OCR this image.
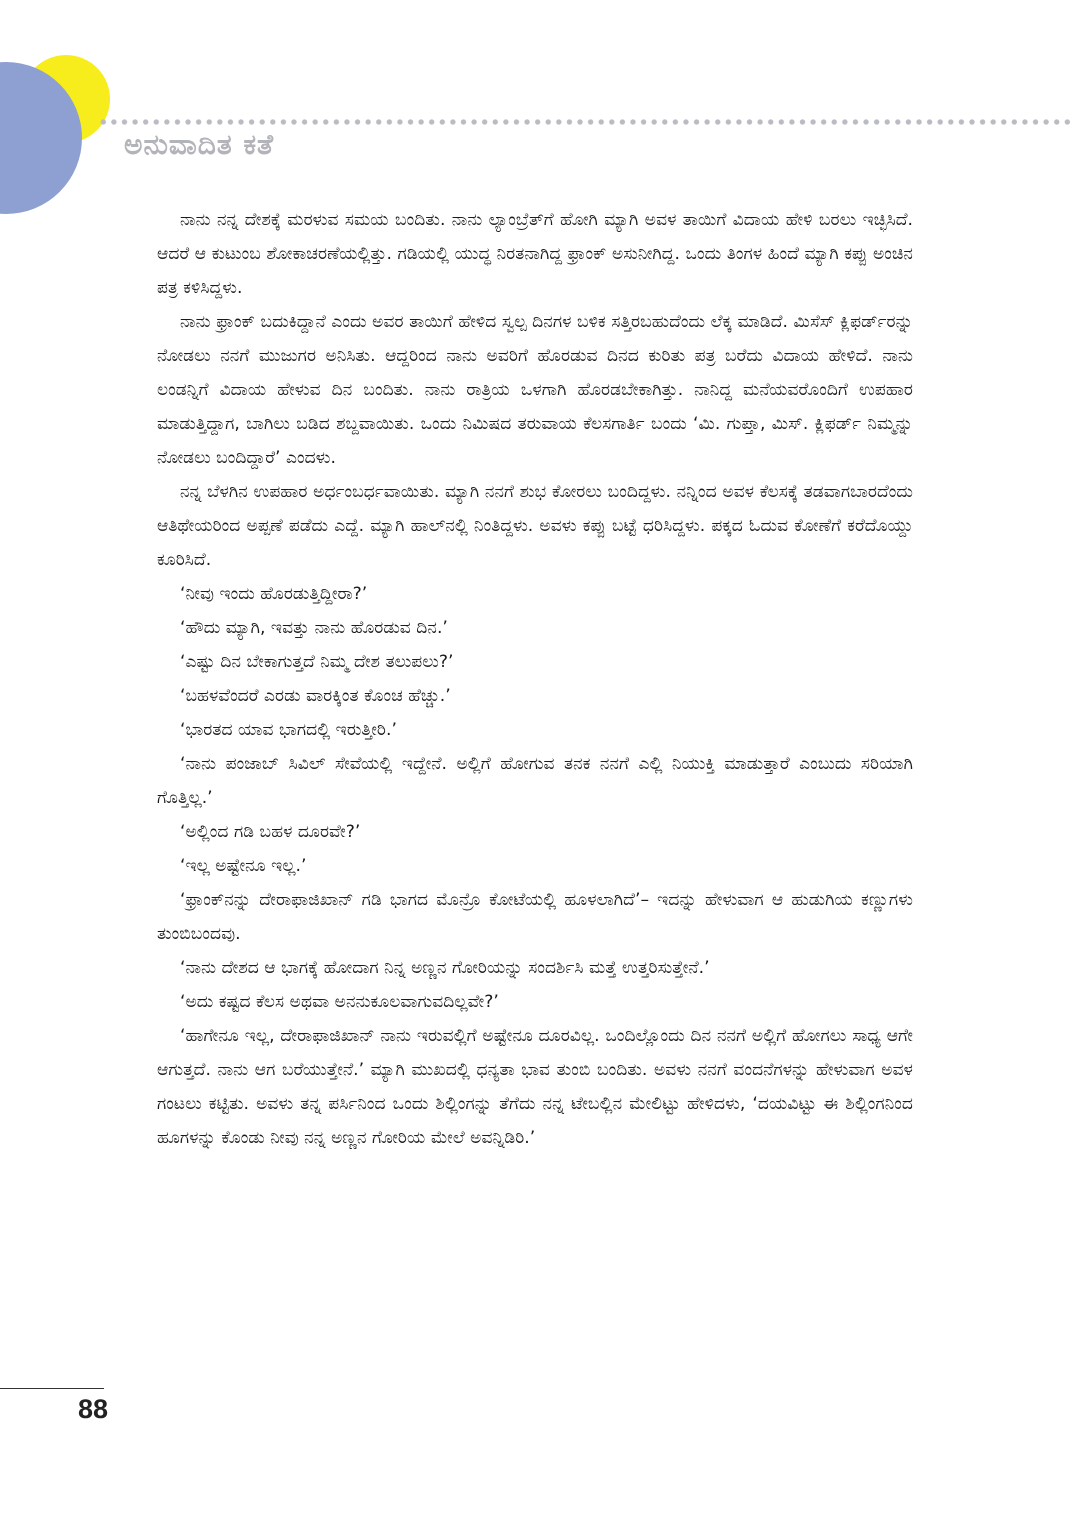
ಅನುವಾದಿತ ಕತೆ

ನಾನು ನನ್ನ ದೇಶಕ್ಕೆ ಮರಳುವ ಸಮಯ ಬಂದಿತು. ನಾನು ಲ್ಯಾಂಬ್ರೆತ್‌ಗೆ ಹೋಗಿ ಮ್ಯಾಗಿ ಅವಳ ತಾಯಿಗೆ ವಿದಾಯ ಹೇಳಿ ಬರಲು ಇಚ್ಛಿಸಿದೆ. ಆದರೆ ಆ ಕುಟುಂಬ ಶೋಕಾಚರಣೆಯಲ್ಲಿತ್ತು. ಗಡಿಯಲ್ಲಿ ಯುದ್ಧ ನಿರತನಾಗಿದ್ದ ಫ್ರಾಂಕ್ ಅಸುನೀಗಿದ್ದ. ಒಂದು ತಿಂಗಳ ಹಿಂದೆ ಮ್ಯಾಗಿ ಕಪ್ಪು ಅಂಚಿನ ಪತ್ರ ಕಳಿಸಿದ್ದಳು.

ನಾನು ಫ್ರಾಂಕ್ ಬದುಕಿದ್ದಾನೆ ಎಂದು ಅವರ ತಾಯಿಗೆ ಹೇಳಿದ ಸ್ವಲ್ಪ ದಿನಗಳ ಬಳಿಕ ಸತ್ತಿರಬಹುದೆಂದು ಲೆಕ್ಕ ಮಾಡಿದೆ. ಮಿಸೆಸ್ ಕ್ಲಿಫರ್ಡ್‌ರನ್ನು ನೋಡಲು ನನಗೆ ಮುಜುಗರ ಅನಿಸಿತು. ಆದ್ದರಿಂದ ನಾನು ಅವರಿಗೆ ಹೊರಡುವ ದಿನದ ಕುರಿತು ಪತ್ರ ಬರೆದು ವಿದಾಯ ಹೇಳಿದೆ. ನಾನು ಲಂಡನ್ನಿಗೆ ವಿದಾಯ ಹೇಳುವ ದಿನ ಬಂದಿತು. ನಾನು ರಾತ್ರಿಯ ಒಳಗಾಗಿ ಹೊರಡಬೇಕಾಗಿತ್ತು. ನಾನಿದ್ದ ಮನೆಯವರೊಂದಿಗೆ ಉಪಹಾರ ಮಾಡುತ್ತಿದ್ದಾಗ, ಬಾಗಿಲು ಬಡಿದ ಶಬ್ದವಾಯಿತು. ಒಂದು ನಿಮಿಷದ ತರುವಾಯ ಕೆಲಸಗಾರ್ತಿ ಬಂದು ‘ಮಿ. ಗುಪ್ತಾ, ಮಿಸ್. ಕ್ಲಿಫರ್ಡ್ ನಿಮ್ಮನ್ನು ನೋಡಲು ಬಂದಿದ್ದಾರೆ’ ಎಂದಳು.

ನನ್ನ ಬೆಳಗಿನ ಉಪಹಾರ ಅರ್ಧಂಬರ್ಧವಾಯಿತು. ಮ್ಯಾಗಿ ನನಗೆ ಶುಭ ಕೋರಲು ಬಂದಿದ್ದಳು. ನನ್ನಿಂದ ಅವಳ ಕೆಲಸಕ್ಕೆ ತಡವಾಗಬಾರದೆಂದು ಆತಿಥೇಯರಿಂದ ಅಪ್ಪಣೆ ಪಡೆದು ಎದ್ದೆ. ಮ್ಯಾಗಿ ಹಾಲ್‌ನಲ್ಲಿ ನಿಂತಿದ್ದಳು. ಅವಳು ಕಪ್ಪು ಬಟ್ಟೆ ಧರಿಸಿದ್ದಳು. ಪಕ್ಕದ ಓದುವ ಕೋಣೆಗೆ ಕರೆದೊಯ್ದು ಕೂರಿಸಿದೆ.

‘ನೀವು ಇಂದು ಹೊರಡುತ್ತಿದ್ದೀರಾ?’

‘ಹೌದು ಮ್ಯಾಗಿ, ಇವತ್ತು ನಾನು ಹೊರಡುವ ದಿನ.’

‘ಎಷ್ಟು ದಿನ ಬೇಕಾಗುತ್ತದೆ ನಿಮ್ಮ ದೇಶ ತಲುಪಲು?’

‘ಬಹಳವೆಂದರೆ ಎರಡು ವಾರಕ್ಕಿಂತ ಕೊಂಚ ಹೆಚ್ಚು.’

‘ಭಾರತದ ಯಾವ ಭಾಗದಲ್ಲಿ ಇರುತ್ತೀರಿ.’

‘ನಾನು ಪಂಜಾಬ್ ಸಿವಿಲ್ ಸೇವೆಯಲ್ಲಿ ಇದ್ದೇನೆ. ಅಲ್ಲಿಗೆ ಹೋಗುವ ತನಕ ನನಗೆ ಎಲ್ಲಿ ನಿಯುಕ್ತಿ ಮಾಡುತ್ತಾರೆ ಎಂಬುದು ಸರಿಯಾಗಿ ಗೊತ್ತಿಲ್ಲ.’

‘ಅಲ್ಲಿಂದ ಗಡಿ ಬಹಳ ದೂರವೇ?’

‘ಇಲ್ಲ ಅಷ್ಟೇನೂ ಇಲ್ಲ.’

‘ಫ್ರಾಂಕ್‌ನನ್ನು ದೇರಾಫಾಜಿಖಾನ್ ಗಡಿ ಭಾಗದ ಮೊನ್ರೊ ಕೋಟೆಯಲ್ಲಿ ಹೂಳಲಾಗಿದೆ’– ಇದನ್ನು ಹೇಳುವಾಗ ಆ ಹುಡುಗಿಯ ಕಣ್ಣುಗಳು ತುಂಬಿಬಂದವು.

‘ನಾನು ದೇಶದ ಆ ಭಾಗಕ್ಕೆ ಹೋದಾಗ ನಿನ್ನ ಅಣ್ಣನ ಗೋರಿಯನ್ನು ಸಂದರ್ಶಿಸಿ ಮತ್ತೆ ಉತ್ತರಿಸುತ್ತೇನೆ.’

‘ಅದು ಕಷ್ಟದ ಕೆಲಸ ಅಥವಾ ಅನನುಕೂಲವಾಗುವದಿಲ್ಲವೇ?’

‘ಹಾಗೇನೂ ಇಲ್ಲ, ದೇರಾಫಾಜಿಖಾನ್ ನಾನು ಇರುವಲ್ಲಿಗೆ ಅಷ್ಟೇನೂ ದೂರವಿಲ್ಲ. ಒಂದಿಲ್ಲೊಂದು ದಿನ ನನಗೆ ಅಲ್ಲಿಗೆ ಹೋಗಲು ಸಾಧ್ಯ ಆಗೇ ಆಗುತ್ತದೆ. ನಾನು ಆಗ ಬರೆಯುತ್ತೇನೆ.’ ಮ್ಯಾಗಿ ಮುಖದಲ್ಲಿ ಧನ್ಯತಾ ಭಾವ ತುಂಬಿ ಬಂದಿತು. ಅವಳು ನನಗೆ ವಂದನೆಗಳನ್ನು ಹೇಳುವಾಗ ಅವಳ ಗಂಟಲು ಕಟ್ಟಿತು. ಅವಳು ತನ್ನ ಪರ್ಸಿನಿಂದ ಒಂದು ಶಿಲ್ಲಿಂಗನ್ನು ತೆಗೆದು ನನ್ನ ಟೇಬಲ್ಲಿನ ಮೇಲಿಟ್ಟು ಹೇಳಿದಳು, ‘ದಯವಿಟ್ಟು ಈ ಶಿಲ್ಲಿಂಗನಿಂದ ಹೂಗಳನ್ನು ಕೊಂಡು ನೀವು ನನ್ನ ಅಣ್ಣನ ಗೋರಿಯ ಮೇಲೆ ಅವನ್ನಿಡಿರಿ.’

88
